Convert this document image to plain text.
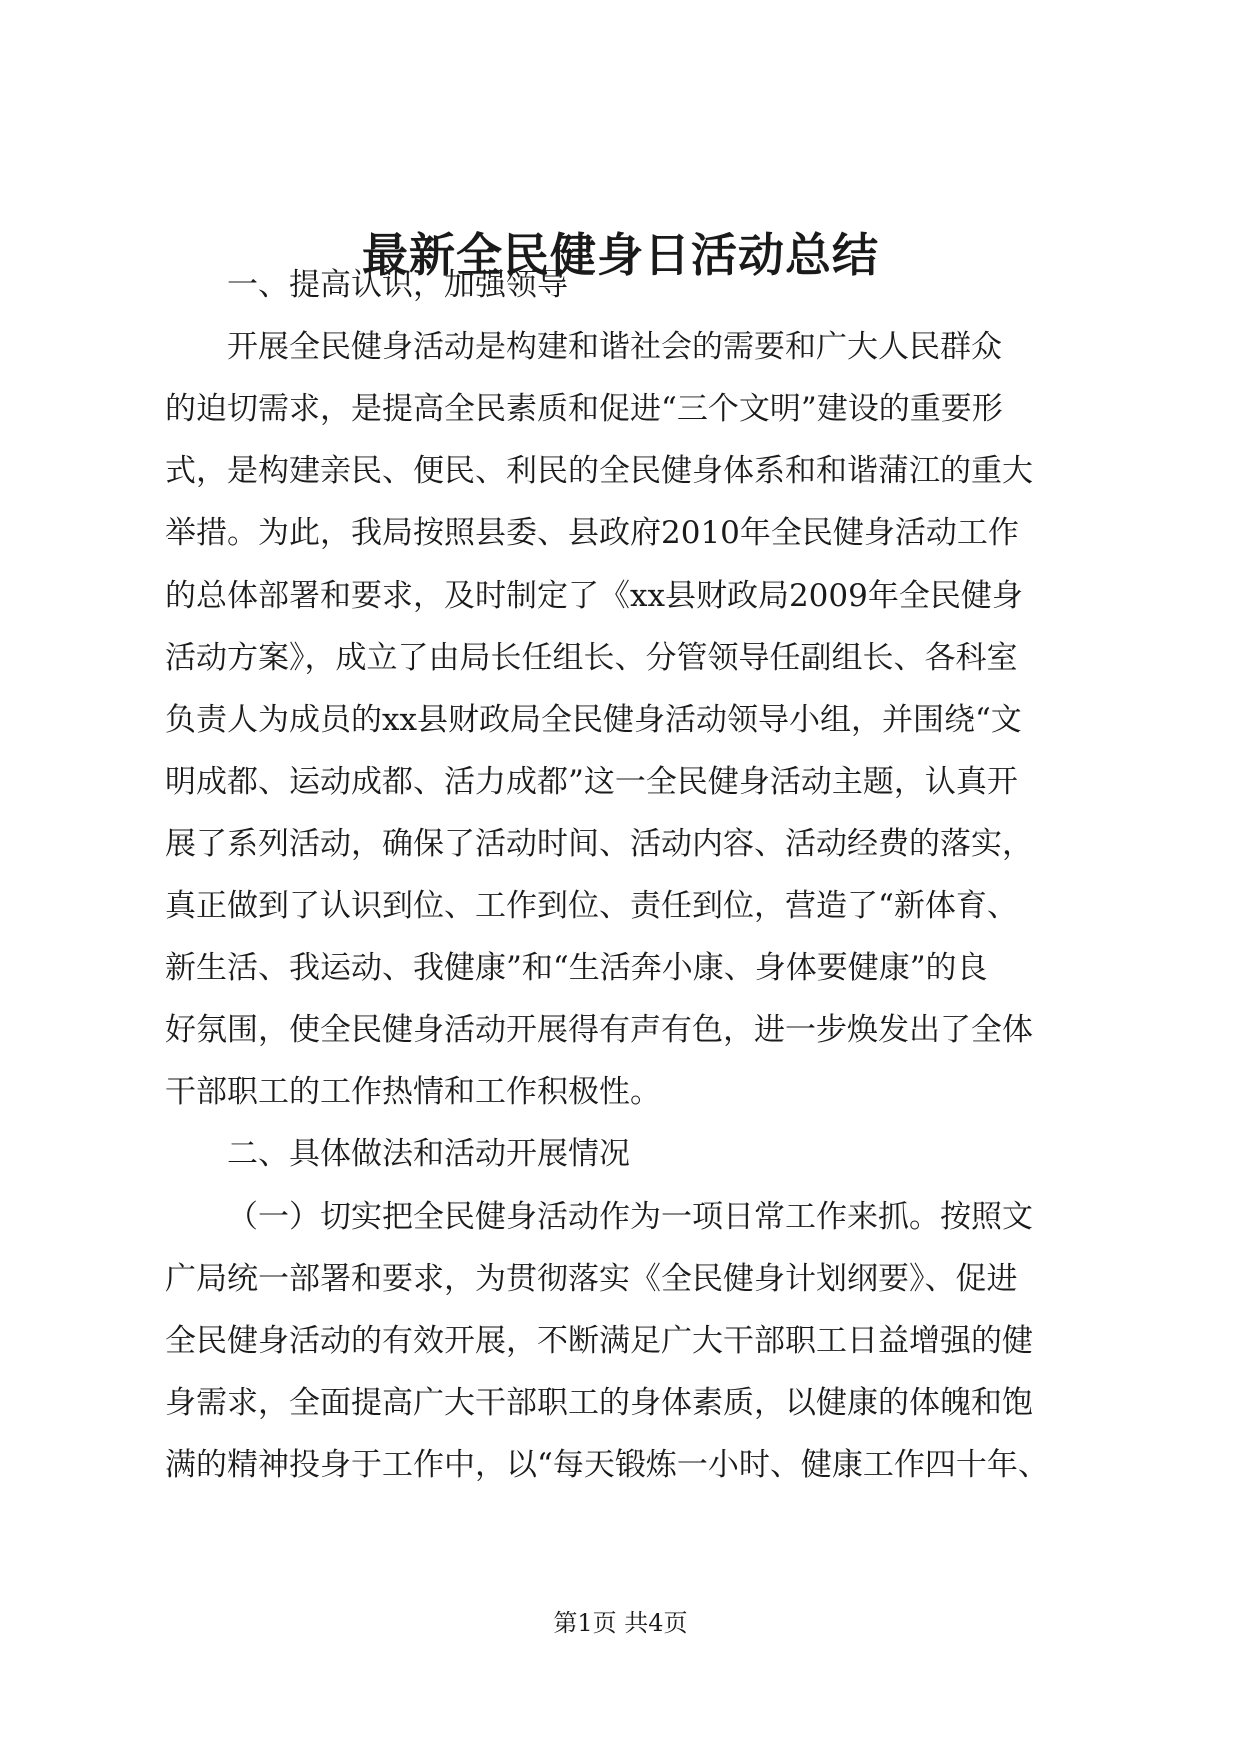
最新全民健身日活动总结

一、提高认识，加强领导

开展全民健身活动是构建和谐社会的需要和广大人民群众

的迫切需求，是提高全民素质和促进“三个文明”建设的重要形

式，是构建亲民、便民、利民的全民健身体系和和谐蒲江的重大

举措。为此，我局按照县委、县政府2010年全民健身活动工作

的总体部署和要求，及时制定了《xx县财政局2009年全民健身

活动方案》，成立了由局长任组长、分管领导任副组长、各科室

负责人为成员的xx县财政局全民健身活动领导小组，并围绕“文

明成都、运动成都、活力成都”这一全民健身活动主题，认真开

展了系列活动，确保了活动时间、活动内容、活动经费的落实，

真正做到了认识到位、工作到位、责任到位，营造了“新体育、

新生活、我运动、我健康”和“生活奔小康、身体要健康”的良

好氛围，使全民健身活动开展得有声有色，进一步焕发出了全体

干部职工的工作热情和工作积极性。

二、具体做法和活动开展情况

（一）切实把全民健身活动作为一项日常工作来抓。按照文

广局统一部署和要求，为贯彻落实《全民健身计划纲要》、促进

全民健身活动的有效开展，不断满足广大干部职工日益增强的健

身需求，全面提高广大干部职工的身体素质，以健康的体魄和饱

满的精神投身于工作中，以“每天锻炼一小时、健康工作四十年、

第1页 共4页
